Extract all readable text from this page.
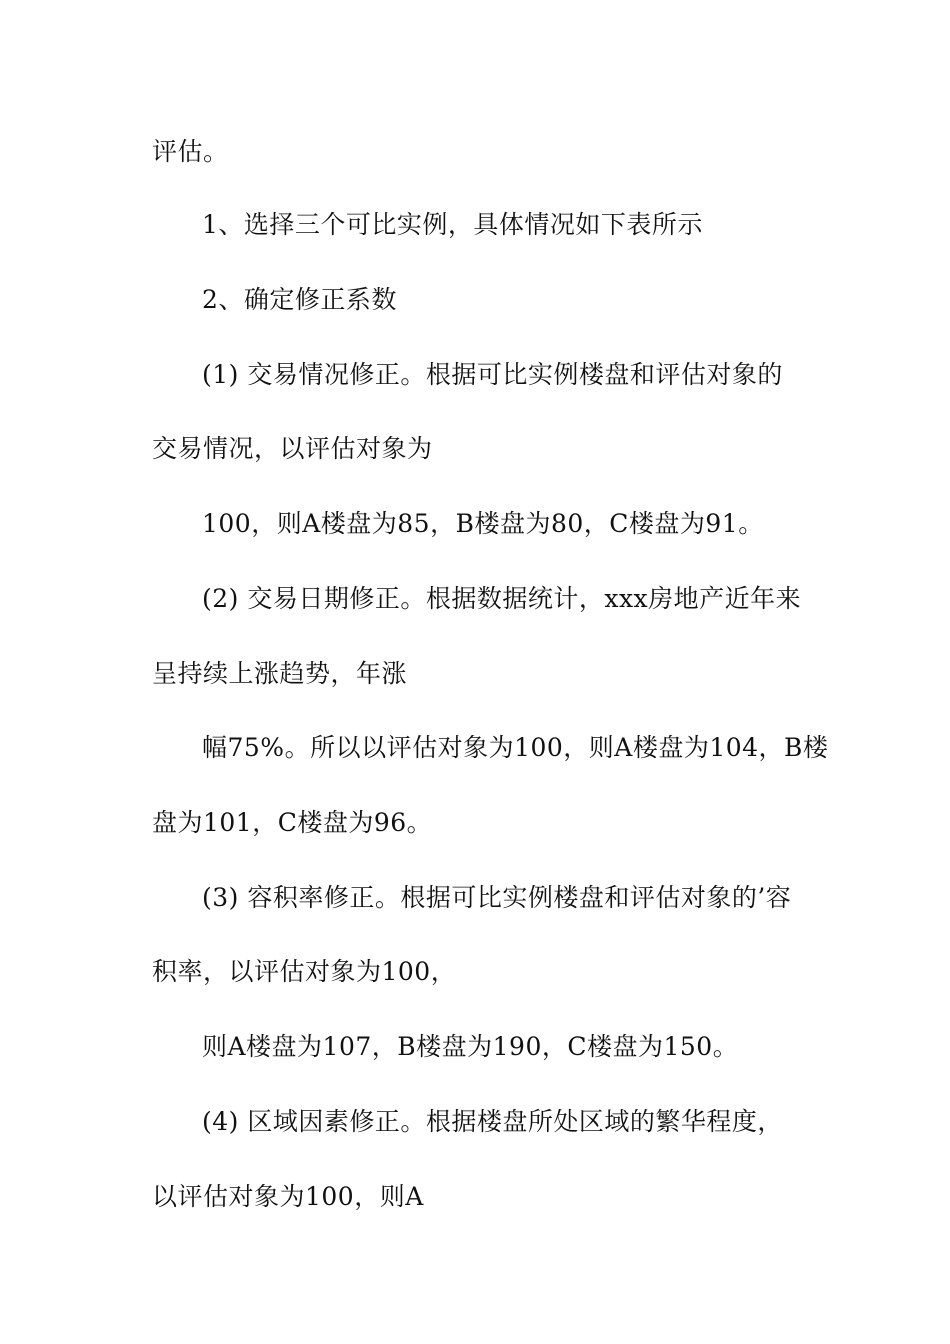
评估。
1、选择三个可比实例，具体情况如下表所示
2、确定修正系数
(1) 交易情况修正。根据可比实例楼盘和评估对象的
交易情况，以评估对象为
100，则A楼盘为85，B楼盘为80，C楼盘为91。
(2) 交易日期修正。根据数据统计，xxx房地产近年来
呈持续上涨趋势，年涨
幅75%。所以以评估对象为100，则A楼盘为104，B楼
盘为101，C楼盘为96。
(3) 容积率修正。根据可比实例楼盘和评估对象的’容
积率，以评估对象为100，
则A楼盘为107，B楼盘为190，C楼盘为150。
(4) 区域因素修正。根据楼盘所处区域的繁华程度，
以评估对象为100，则A
